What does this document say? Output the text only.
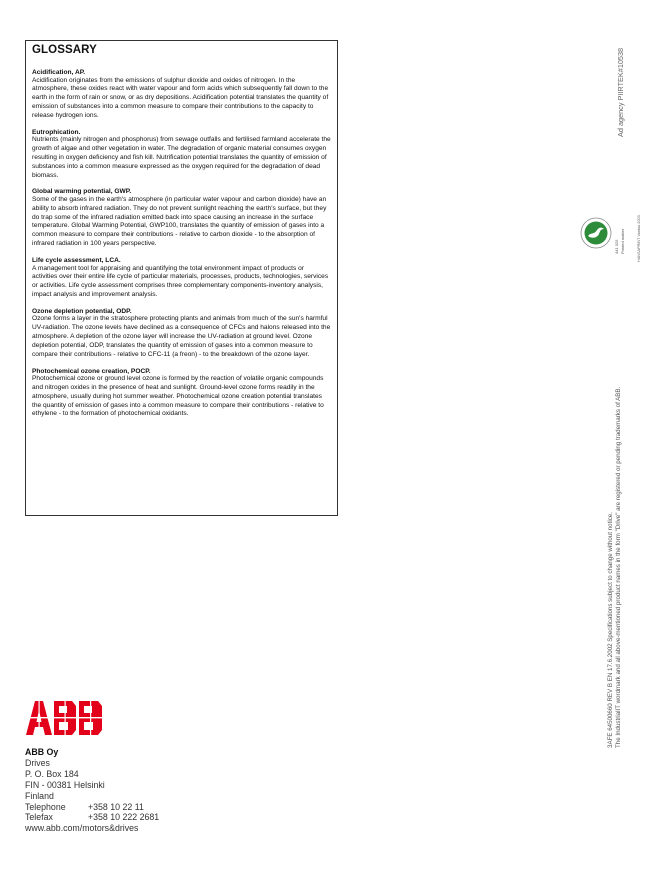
GLOSSARY
Acidification, AP.

Acidification originates from the emissions of sulphur dioxide and oxides of nitrogen. In the atmosphere, these oxides react with water vapour and form acids which subsequently fall down to the earth in the form of rain or snow, or as dry depositions. Acidification potential translates the quantity of emission of substances into a common measure to compare their contributions to the capacity to release hydrogen ions.

Eutrophication.

Nutrients (mainly nitrogen and phosphorus) from sewage outfalls and fertilised farmland accelerate the growth of algae and other vegetation in water. The degradation of organic material consumes oxygen resulting in oxygen deficiency and fish kill. Nutrification potential translates the quantity of emission of substances into a common measure expressed as the oxygen required for the degradation of dead biomass.

Global warming potential, GWP.

Some of the gases in the earth's atmosphere (in particular water vapour and carbon dioxide) have an ability to absorb infrared radiation. They do not prevent sunlight reaching the earth's surface, but they do trap some of the infrared radiation emitted back into space causing an increase in the surface temperature. Global Warming Potential, GWP100, translates the quantity of emission of gases into a common measure to compare their contributions - relative to carbon dioxide - to the absorption of infrared radiation in 100 years perspective.

Life cycle assessment, LCA.

A management tool for appraising and quantifying the total environment impact of products or activities over their entire life cycle of particular materials, processes, products, technologies, services or activities. Life cycle assessment comprises three complementary components-inventory analysis, impact analysis and improvement analysis.

Ozone depletion potential, ODP.

Ozone forms a layer in the stratosphere protecting plants and animals from much of the sun's harmful UV-radiation. The ozone levels have declined as a consequence of CFCs and halons released into the atmosphere. A depletion of the ozone layer will increase the UV-radiation at ground level. Ozone depletion potential, ODP, translates the quantity of emission of gases into a common measure to compare their contributions - relative to CFC-11 (a freon) - to the breakdown of the ozone layer.

Photochemical ozone creation, POCP.

Photochemical ozone or ground level ozone is formed by the reaction of volatile organic compounds and nitrogen oxides in the presence of heat and sunlight. Ground-level ozone forms readily in the atmosphere, usually during hot summer weather. Photochemical ozone creation potential translates the quantity of emission of gases into a common measure to compare their contributions - relative to ethylene - to the formation of photochemical oxidants.

ABB Oy
Drives
P. O. Box 184
FIN - 00381 Helsinki
Finland
Telephone	+358 10 22 11
Telefax	+358 10 222 2681
www.abb.com/motors&drives
Ad agency PIIRTEK#10538
441 025 Printed matter	HANSAPRINT Vantaa 2003
3AFE 64500660 REV B EN 17.6.2002 Specifications subject to change without notice. The IndustrialIT wordmark and all above-mentioned product names in the form "Drive" are registered or pending trademarks of ABB.
